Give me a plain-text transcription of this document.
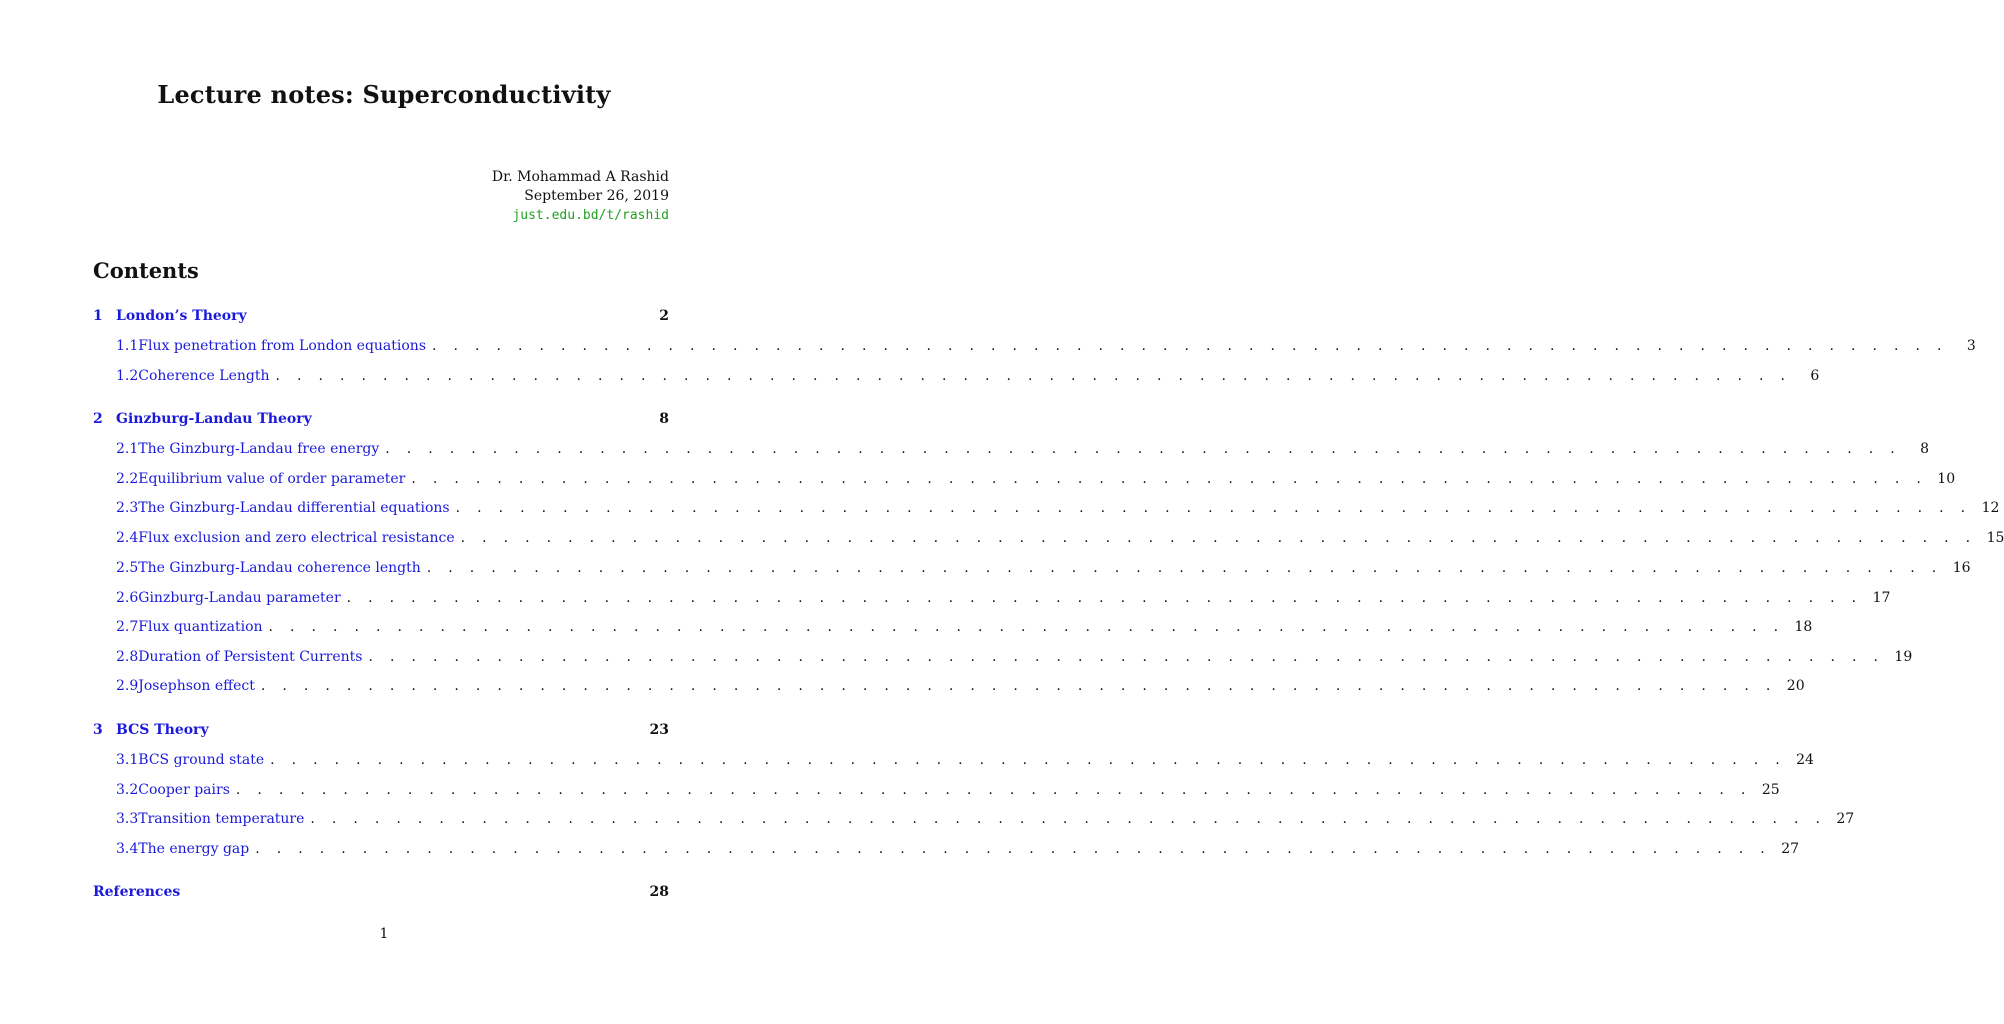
Lecture notes: Superconductivity
Dr. Mohammad A Rashid
September 26, 2019
just.edu.bd/t/rashid
Contents
1 London’s Theory	2
1.1 Flux penetration from London equations . . . . . . . . . . . . . . . . . . . . . . . . . . . . . . . . . . . . . . . . . . . . . . . . . . . . . . . . . . . . . . . . . . . . . . .	3
1.2 Coherence Length . . . . . . . . . . . . . . . . . . . . . . . . . . . . . . . . . . . . . . . . . . . . . . . . . . . . . . . . . . . . . . . . . . . . . . .	6
2 Ginzburg-Landau Theory	8
2.1 The Ginzburg-Landau free energy . . . . . . . . . . . . . . . . . . . . . . . . . . . . . . . . . . . . . . . . . . . . . . . . . . . . . . . . . . . . . . . . . . . . . . .	8
2.2 Equilibrium value of order parameter . . . . . . . . . . . . . . . . . . . . . . . . . . . . . . . . . . . . . . . . . . . . . . . . . . . . . . . . . . . . . . . . . . . . . . . 10
2.3 The Ginzburg-Landau differential equations . . . . . . . . . . . . . . . . . . . . . . . . . . . . . . . . . . . . . . . . . . . . . . . . . . . . . . . . . . . . . . . . . . . . . . . 12
2.4 Flux exclusion and zero electrical resistance . . . . . . . . . . . . . . . . . . . . . . . . . . . . . . . . . . . . . . . . . . . . . . . . . . . . . . . . . . . . . . . . . . . . . . . 15
2.5 The Ginzburg-Landau coherence length . . . . . . . . . . . . . . . . . . . . . . . . . . . . . . . . . . . . . . . . . . . . . . . . . . . . . . . . . . . . . . . . . . . . . . . 16
2.6 Ginzburg-Landau parameter . . . . . . . . . . . . . . . . . . . . . . . . . . . . . . . . . . . . . . . . . . . . . . . . . . . . . . . . . . . . . . . . . . . . . . . 17
2.7 Flux quantization . . . . . . . . . . . . . . . . . . . . . . . . . . . . . . . . . . . . . . . . . . . . . . . . . . . . . . . . . . . . . . . . . . . . . . . 18
2.8 Duration of Persistent Currents . . . . . . . . . . . . . . . . . . . . . . . . . . . . . . . . . . . . . . . . . . . . . . . . . . . . . . . . . . . . . . . . . . . . . . . 19
2.9 Josephson effect . . . . . . . . . . . . . . . . . . . . . . . . . . . . . . . . . . . . . . . . . . . . . . . . . . . . . . . . . . . . . . . . . . . . . . . 20
3 BCS Theory	23
3.1 BCS ground state . . . . . . . . . . . . . . . . . . . . . . . . . . . . . . . . . . . . . . . . . . . . . . . . . . . . . . . . . . . . . . . . . . . . . . . 24
3.2 Cooper pairs . . . . . . . . . . . . . . . . . . . . . . . . . . . . . . . . . . . . . . . . . . . . . . . . . . . . . . . . . . . . . . . . . . . . . . . 25
3.3 Transition temperature . . . . . . . . . . . . . . . . . . . . . . . . . . . . . . . . . . . . . . . . . . . . . . . . . . . . . . . . . . . . . . . . . . . . . . . 27
3.4 The energy gap . . . . . . . . . . . . . . . . . . . . . . . . . . . . . . . . . . . . . . . . . . . . . . . . . . . . . . . . . . . . . . . . . . . . . . . 27
References	28
1
